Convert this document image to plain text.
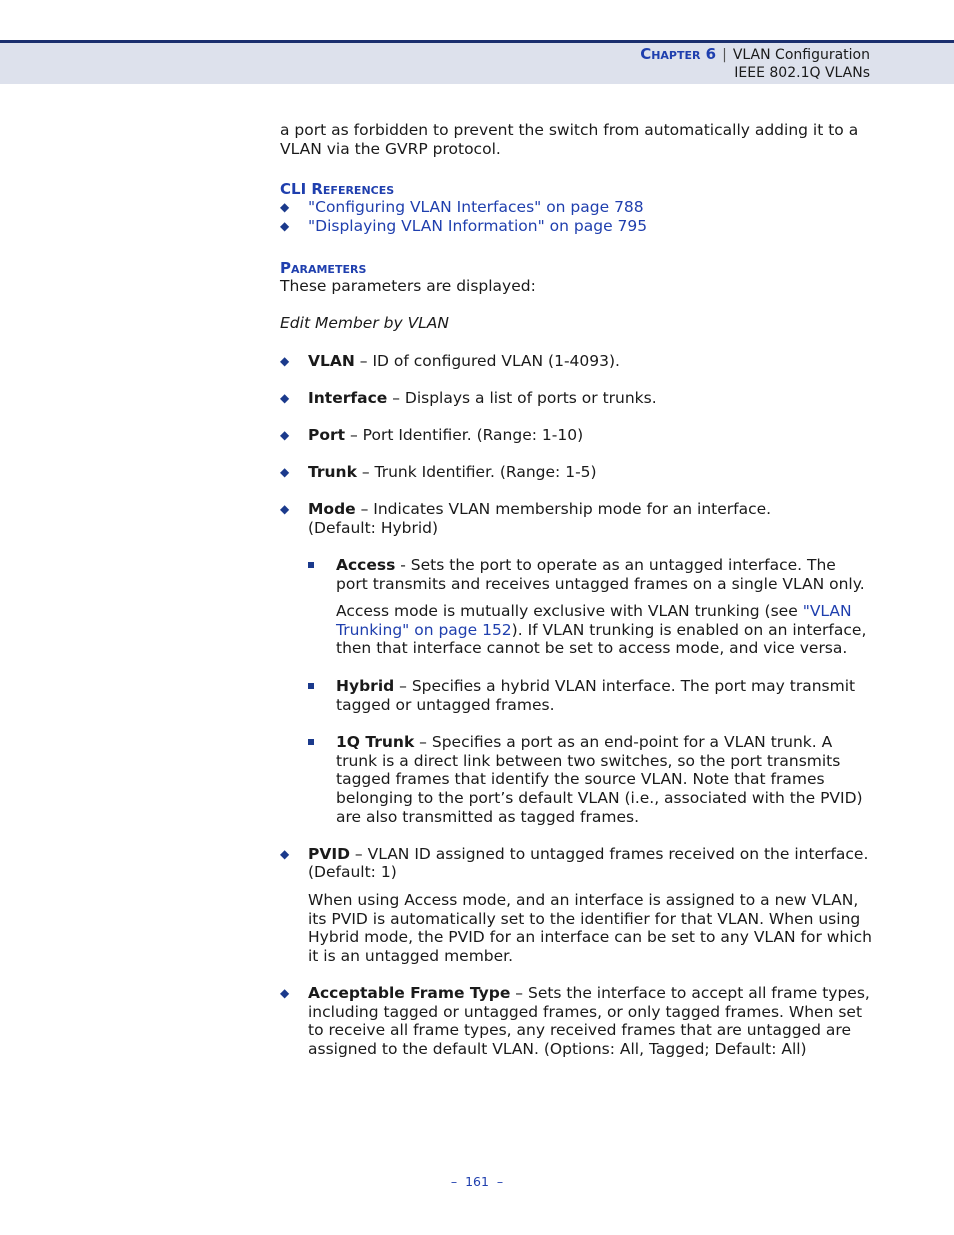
Chapter 6 | VLAN Configuration
IEEE 802.1Q VLANs

a port as forbidden to prevent the switch from automatically adding it to a VLAN via the GVRP protocol.

CLI References
◆ "Configuring VLAN Interfaces" on page 788
◆ "Displaying VLAN Information" on page 795
Parameters

These parameters are displayed:

Edit Member by VLAN

◆ VLAN – ID of configured VLAN (1-4093).
◆ Interface – Displays a list of ports or trunks.
◆ Port – Port Identifier. (Range: 1-10)
◆ Trunk – Trunk Identifier. (Range: 1-5)
◆ Mode – Indicates VLAN membership mode for an interface. (Default: Hybrid)
Access - Sets the port to operate as an untagged interface. The port transmits and receives untagged frames on a single VLAN only.

Access mode is mutually exclusive with VLAN trunking (see "VLAN Trunking" on page 152). If VLAN trunking is enabled on an interface, then that interface cannot be set to access mode, and vice versa.

Hybrid – Specifies a hybrid VLAN interface. The port may transmit tagged or untagged frames.
1Q Trunk – Specifies a port as an end-point for a VLAN trunk. A trunk is a direct link between two switches, so the port transmits tagged frames that identify the source VLAN. Note that frames belonging to the port’s default VLAN (i.e., associated with the PVID) are also transmitted as tagged frames.
◆ PVID – VLAN ID assigned to untagged frames received on the interface. (Default: 1)

When using Access mode, and an interface is assigned to a new VLAN, its PVID is automatically set to the identifier for that VLAN. When using Hybrid mode, the PVID for an interface can be set to any VLAN for which it is an untagged member.

◆ Acceptable Frame Type – Sets the interface to accept all frame types, including tagged or untagged frames, or only tagged frames. When set to receive all frame types, any received frames that are untagged are assigned to the default VLAN. (Options: All, Tagged; Default: All)
– 161 –
